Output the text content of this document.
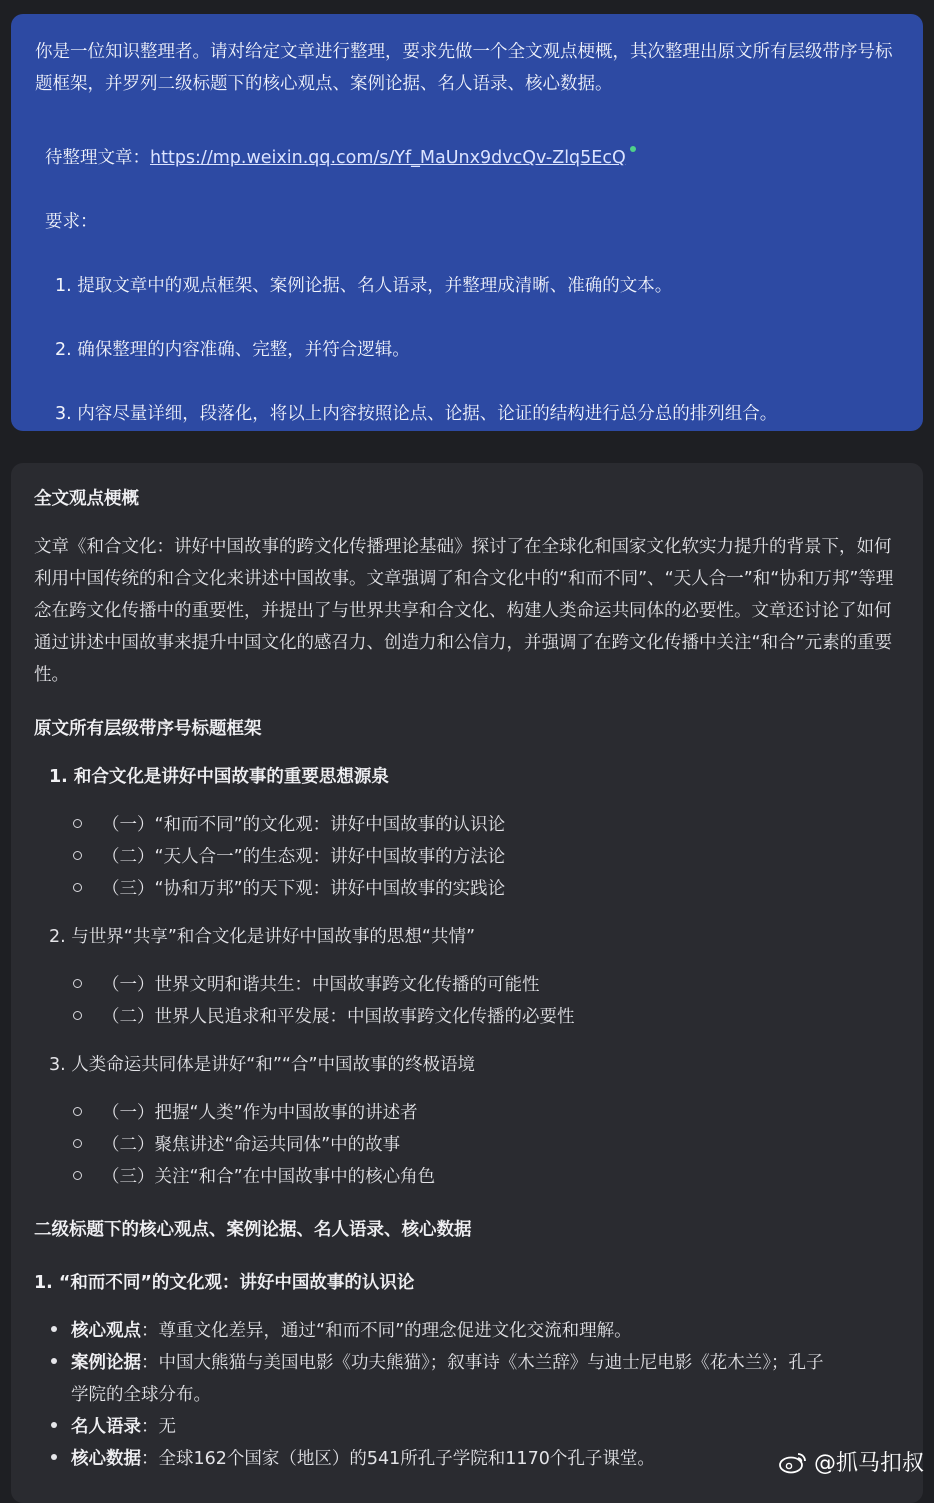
你是一位知识整理者。请对给定文章进行整理，要求先做一个全文观点梗概，其次整理出原文所有层级带序号标题框架，并罗列二级标题下的核心观点、案例论据、名人语录、核心数据。

待整理文章：https://mp.weixin.qq.com/s/Yf_MaUnx9dvcQv-Zlq5EcQ
要求：
1. 提取文章中的观点框架、案例论据、名人语录，并整理成清晰、准确的文本。
2. 确保整理的内容准确、完整，并符合逻辑。
3. 内容尽量详细，段落化，将以上内容按照论点、论据、论证的结构进行总分总的排列组合。
全文观点梗概
文章《和合文化：讲好中国故事的跨文化传播理论基础》探讨了在全球化和国家文化软实力提升的背景下，如何利用中国传统的和合文化来讲述中国故事。文章强调了和合文化中的“和而不同”、“天人合一”和“协和万邦”等理念在跨文化传播中的重要性，并提出了与世界共享和合文化、构建人类命运共同体的必要性。文章还讨论了如何通过讲述中国故事来提升中国文化的感召力、创造力和公信力，并强调了在跨文化传播中关注“和合”元素的重要性。
原文所有层级带序号标题框架
1. 和合文化是讲好中国故事的重要思想源泉
（一）“和而不同”的文化观：讲好中国故事的认识论
（二）“天人合一”的生态观：讲好中国故事的方法论
（三）“协和万邦”的天下观：讲好中国故事的实践论
2. 与世界“共享”和合文化是讲好中国故事的思想“共情”
（一）世界文明和谐共生：中国故事跨文化传播的可能性
（二）世界人民追求和平发展：中国故事跨文化传播的必要性
3. 人类命运共同体是讲好“和”“合”中国故事的终极语境
（一）把握“人类”作为中国故事的讲述者
（二）聚焦讲述“命运共同体”中的故事
（三）关注“和合”在中国故事中的核心角色
二级标题下的核心观点、案例论据、名人语录、核心数据
1. “和而不同”的文化观：讲好中国故事的认识论
核心观点：尊重文化差异，通过“和而不同”的理念促进文化交流和理解。
案例论据：中国大熊猫与美国电影《功夫熊猫》；叙事诗《木兰辞》与迪士尼电影《花木兰》；孔子
学院的全球分布。
名人语录：无
核心数据：全球162个国家（地区）的541所孔子学院和1170个孔子课堂。	@抓马扣叔
